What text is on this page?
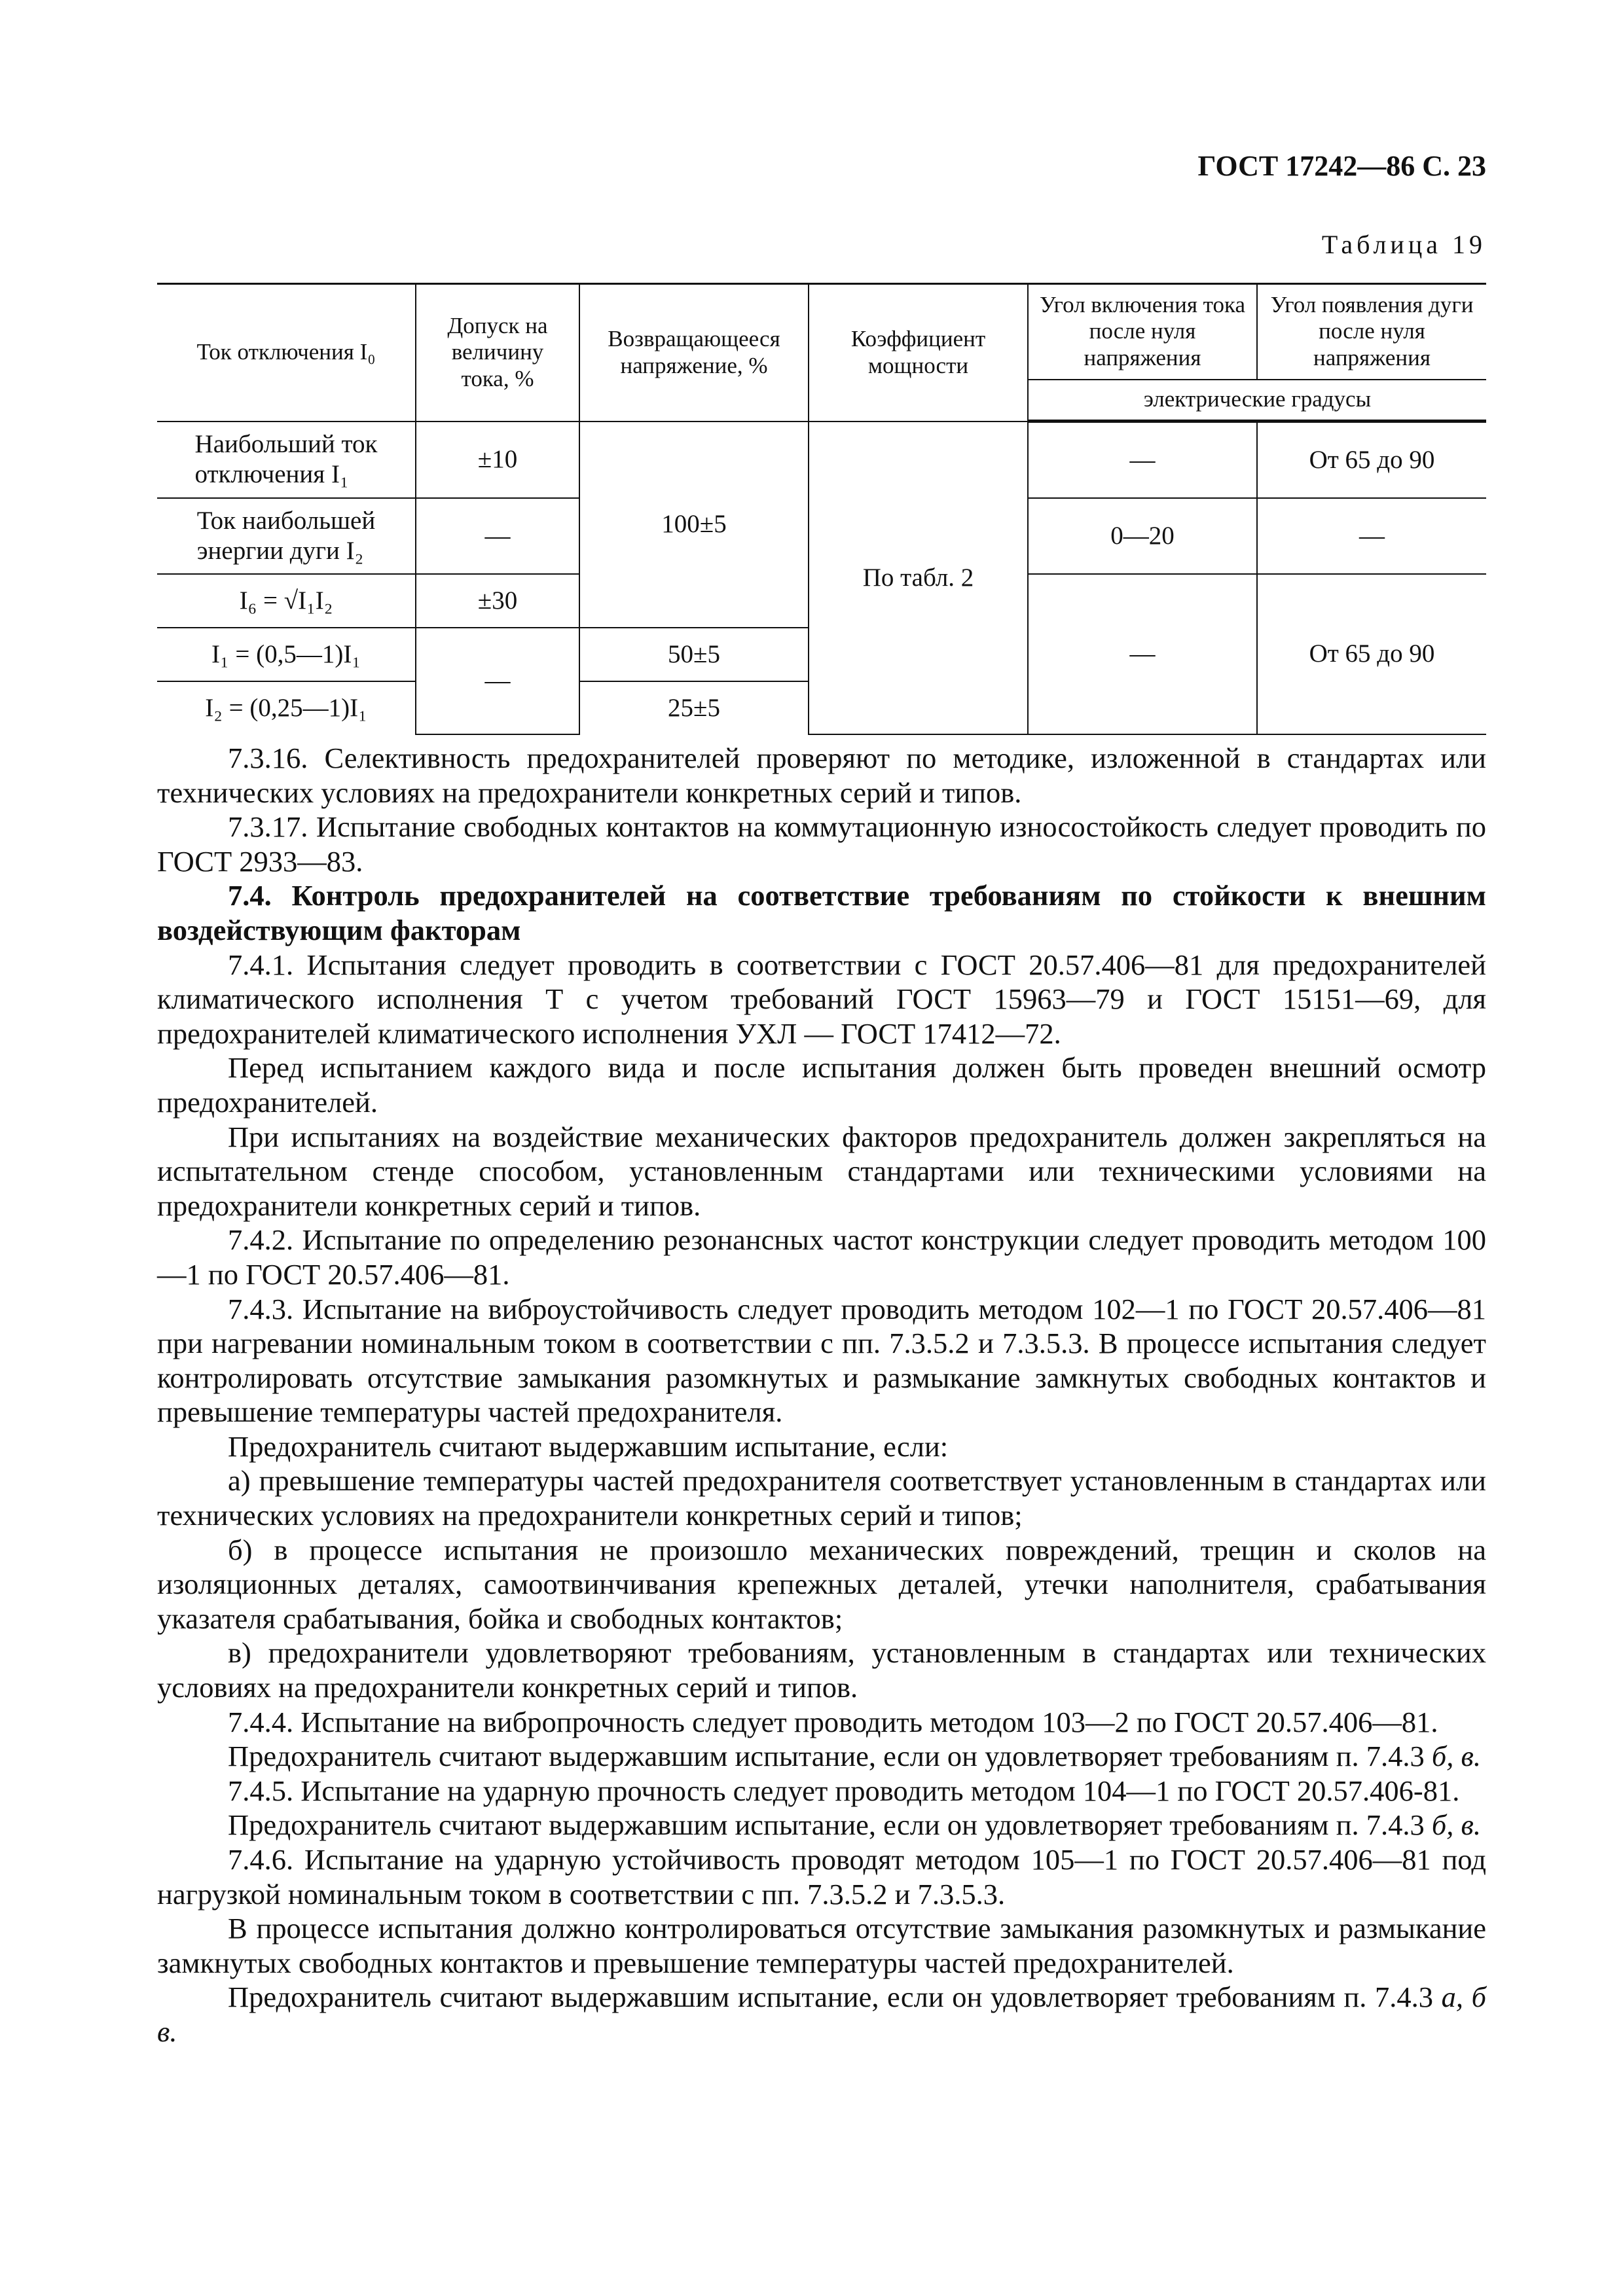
ГОСТ 17242—86 С. 23
Таблица 19
Ток отключения I₀	Допуск на величину тока, %	Возвращающееся напряжение, %	Коэффициент мощности	Угол включения тока после нуля напряжения	Угол появления дуги после нуля напряжения
				электрические градусы	

Наибольший ток
отключения I₁	±10	100±5	По табл. 2	—	От 65 до 90

Ток наибольшей
энергии дуги I₂	—			0—20	—
I₆ = √I₁I₂	±30			—	От 65 до 90
I₁ = (0,5—1)I₁	—	50±5			
I₂ = (0,25—1)I₁		25±5			

7.3.16. Селективность предохранителей проверяют по методике, изложенной в стандартах или технических условиях на предохранители конкретных серий и типов.

7.3.17. Испытание свободных контактов на коммутационную износостойкость следует проводить по ГОСТ 2933—83.

7.4. Контроль предохранителей на соответствие требованиям по стойкости к внешним воздействующим факторам

7.4.1. Испытания следует проводить в соответствии с ГОСТ 20.57.406—81 для предохранителей климатического исполнения Т с учетом требований ГОСТ 15963—79 и ГОСТ 15151—69, для предохранителей климатического исполнения УХЛ — ГОСТ 17412—72.

Перед испытанием каждого вида и после испытания должен быть проведен внешний осмотр предохранителей.

При испытаниях на воздействие механических факторов предохранитель должен закрепляться на испытательном стенде способом, установленным стандартами или техническими условиями на предохранители конкретных серий и типов.

7.4.2. Испытание по определению резонансных частот конструкции следует проводить методом 100—1 по ГОСТ 20.57.406—81.

7.4.3. Испытание на виброустойчивость следует проводить методом 102—1 по ГОСТ 20.57.406—81 при нагревании номинальным током в соответствии с пп. 7.3.5.2 и 7.3.5.3. В процессе испытания следует контролировать отсутствие замыкания разомкнутых и размыкание замкнутых свободных контактов и превышение температуры частей предохранителя.

Предохранитель считают выдержавшим испытание, если:

а) превышение температуры частей предохранителя соответствует установленным в стандартах или технических условиях на предохранители конкретных серий и типов;

б) в процессе испытания не произошло механических повреждений, трещин и сколов на изоляционных деталях, самоотвинчивания крепежных деталей, утечки наполнителя, срабатывания указателя срабатывания, бойка и свободных контактов;

в) предохранители удовлетворяют требованиям, установленным в стандартах или технических условиях на предохранители конкретных серий и типов.

7.4.4. Испытание на вибропрочность следует проводить методом 103—2 по ГОСТ 20.57.406—81.

Предохранитель считают выдержавшим испытание, если он удовлетворяет требованиям п. 7.4.3 б, в.

7.4.5. Испытание на ударную прочность следует проводить методом 104—1 по ГОСТ 20.57.406-81.

Предохранитель считают выдержавшим испытание, если он удовлетворяет требованиям п. 7.4.3 б, в.

7.4.6. Испытание на ударную устойчивость проводят методом 105—1 по ГОСТ 20.57.406—81 под нагрузкой номинальным током в соответствии с пп. 7.3.5.2 и 7.3.5.3.

В процессе испытания должно контролироваться отсутствие замыкания разомкнутых и размыкание замкнутых свободных контактов и превышение температуры частей предохранителей.

Предохранитель считают выдержавшим испытание, если он удовлетворяет требованиям п. 7.4.3 а, б в.
